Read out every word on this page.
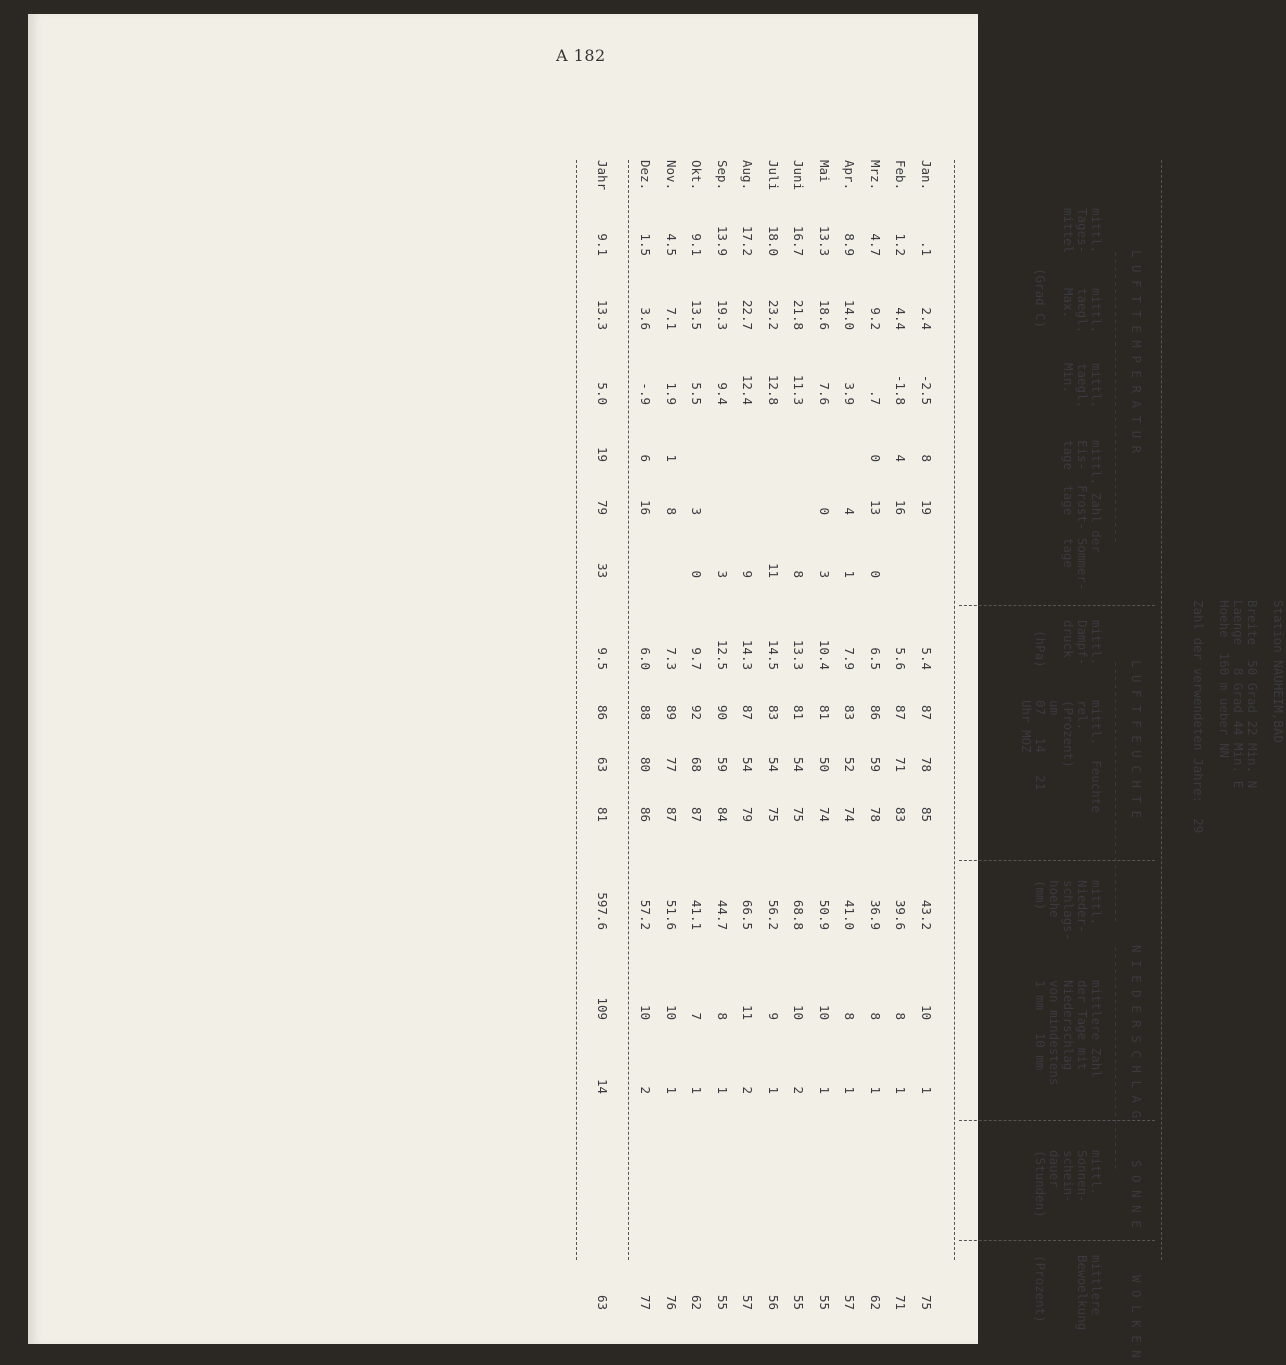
A 182
Station NAUHEIM,BAD
Breite  50 Grad 22 Min. N
Laenge   8 Grad 44 Min. E
Hoehe  160 m ueber NN
Zahl der verwendeten Jahre:  29
L U F T T E M P E R A T U R
L U F T F E U C H T E
N I E D E R S C H L A G
S O N N E
W O L K E N
---------------------------------------
-----------------------------------
------------------------------
mittl.
Tages-
mittel
mittl.
taegl.
Max.
mittl.
taegl.
Min.
(Grad C)
mittl. Zahl der
Eis-  Frost- Sommer-
tage  tage   tage
mittl.
Dampf-
druck
(hPa)
mittl.  Feuchte
rel.
(Prozent)
um
07   14   21
Uhr MOZ
mittl.
Nieder-
schlags-
hoehe
(mm)
mittlere Zahl
der Tage mit
Niederschlag
von mindestens
1 mm   10 mm
mittl.
Sonnen-
schein-
dauer
(Stunden)
mittlere
Bewoelkung

(Prozent)
Jan.
.1
2.4
-2.5
8
19
5.4
87
78
85
43.2
10
1
75
Feb.
1.2
4.4
-1.8
4
16
5.6
87
71
83
39.6
8
1
71
Mrz.
4.7
9.2
.7
0
13
0
6.5
86
59
78
36.9
8
1
62
Apr.
8.9
14.0
3.9
4
1
7.9
83
52
74
41.0
8
1
57
Mai
13.3
18.6
7.6
0
3
10.4
81
50
74
50.9
10
1
55
Juni
16.7
21.8
11.3
8
13.3
81
54
75
68.8
10
2
55
Juli
18.0
23.2
12.8
11
14.5
83
54
75
56.2
9
1
56
Aug.
17.2
22.7
12.4
9
14.3
87
54
79
66.5
11
2
57
Sep.
13.9
19.3
9.4
3
12.5
90
59
84
44.7
8
1
55
Okt.
9.1
13.5
5.5
3
0
9.7
92
68
87
41.1
7
1
62
Nov.
4.5
7.1
1.9
1
8
7.3
89
77
87
51.6
10
1
76
Dez.
1.5
3.6
-.9
6
16
6.0
88
80
86
57.2
10
2
77
Jahr
9.1
13.3
5.0
19
79
33
9.5
86
63
81
597.6
109
14
63
